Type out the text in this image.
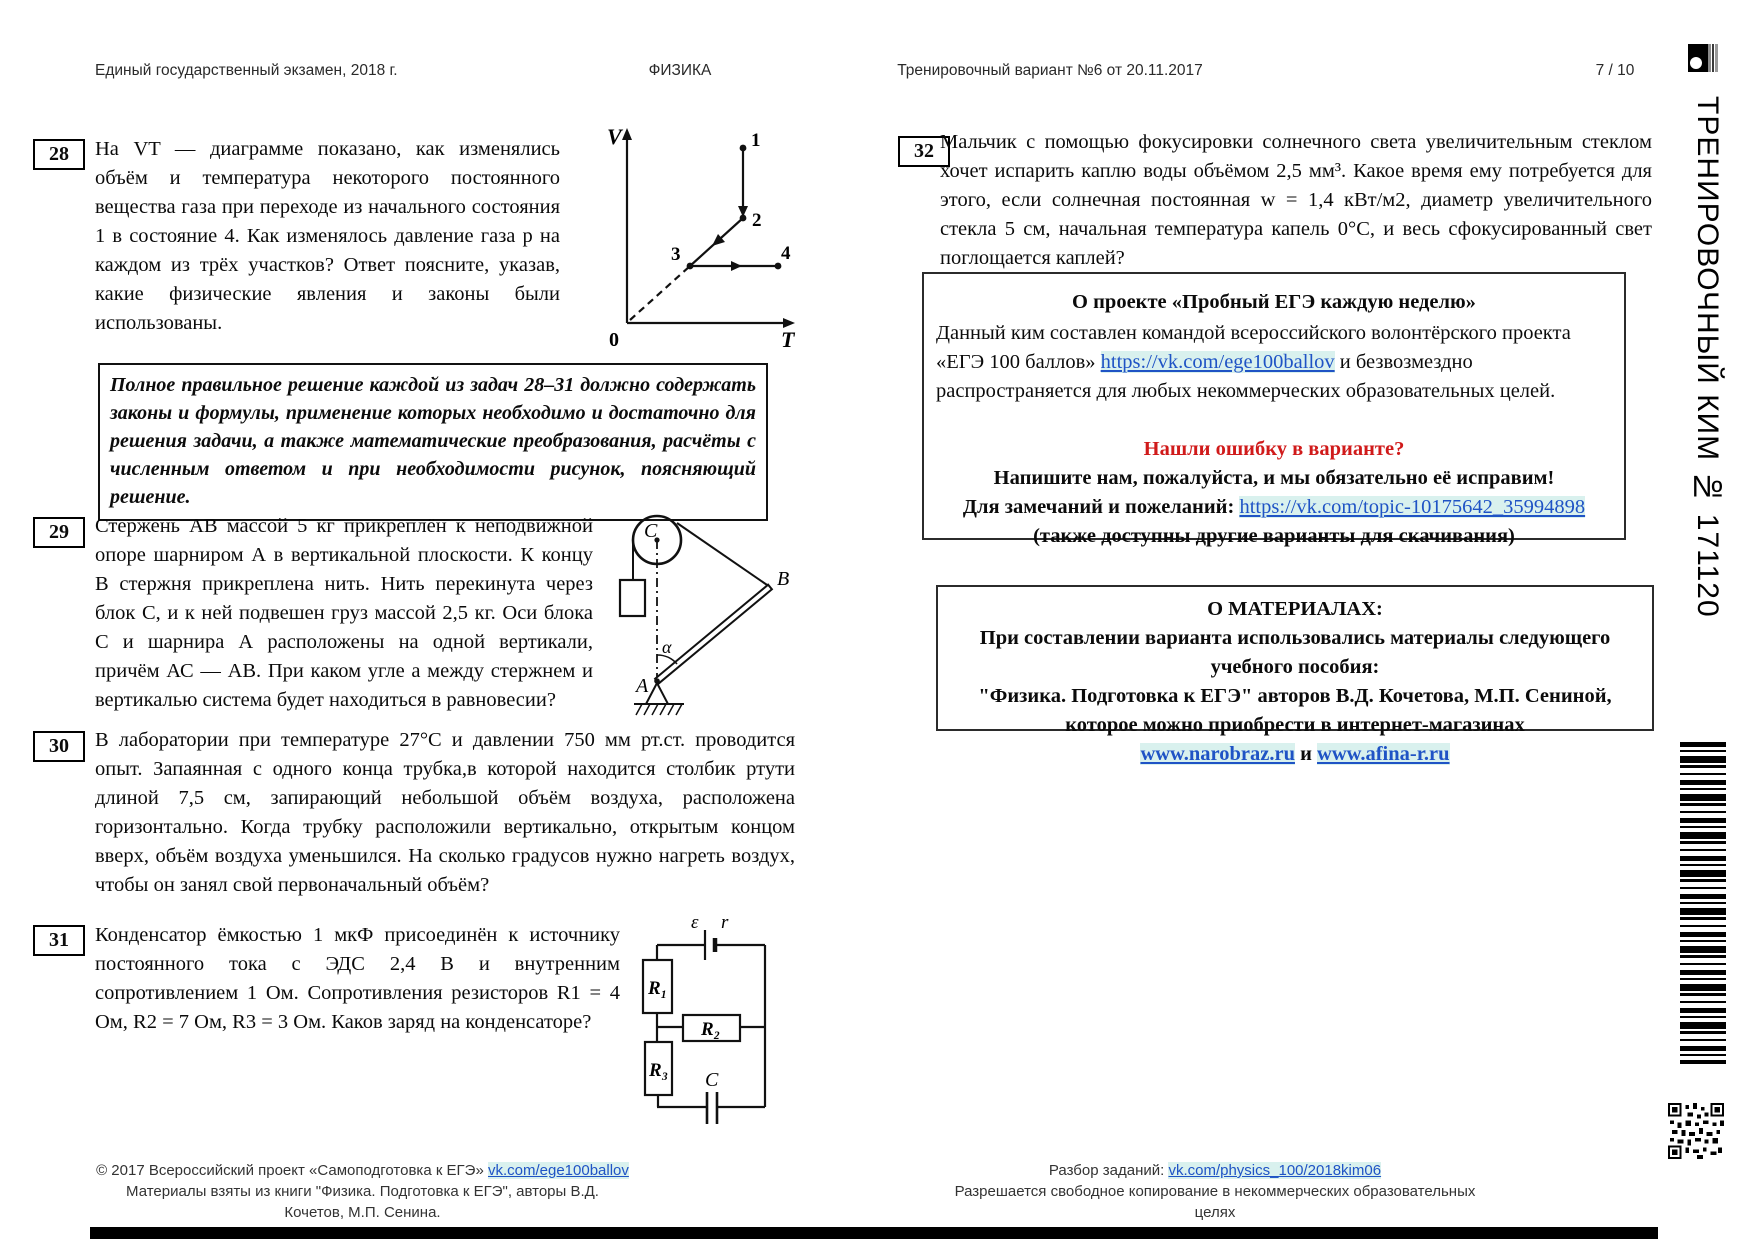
Единый государственный экзамен, 2018 г.	ФИЗИКА	Тренировочный вариант №6 от 20.11.2017	7 / 10
28	На VT — диаграмме показано, как изменялись объём и температура некоторого постоянного вещества газа при переходе из начального состояния 1 в состояние 4. Как изменялось давление газа p на каждом из трёх участков? Ответ поясните, указав, какие физические явления и законы были использованы.
V
T
0
1
2
3	4
Полное правильное решение каждой из задач 28–31 должно содержать законы и формулы, применение которых необходимо и достаточно для решения задачи, а также математические преобразования, расчёты с численным ответом и при необходимости рисунок, поясняющий решение.
29	Стержень АВ массой 5 кг прикреплён к неподвижной опоре шарниром А в вертикальной плоскости. К концу В стержня прикреплена нить. Нить перекинута через блок С, и к ней подвешен груз массой 2,5 кг. Оси блока С и шарнира А расположены на одной вертикали, причём АС — АВ. При каком угле а между стержнем и вертикалью система будет находиться в равновесии?
C
B
A
α
30	В лаборатории при температуре 27°С и давлении 750 мм рт.ст. проводится опыт. Запаянная с одного конца трубка,в которой находится столбик ртути длиной 7,5 см, запирающий небольшой объём воздуха, расположена горизонтально. Когда трубку расположили вертикально, открытым концом вверх, объём воздуха уменьшился. На сколько градусов нужно нагреть воздух, чтобы он занял свой первоначальный объём?
31	Конденсатор ёмкостью 1 мкФ присоединён к источнику постоянного тока с ЭДС 2,4 В и внутренним сопротивлением 1 Ом. Сопротивления резисторов R1 = 4 Ом, R2 = 7 Ом, R3 = 3 Ом. Каков заряд на конденсаторе?
ε r
R₁
R₂
R₃ C
32 Мальчик с помощью фокусировки солнечного света увеличительным стеклом хочет испарить каплю воды объёмом 2,5 мм³. Какое время ему потребуется для этого, если солнечная постоянная w = 1,4 кВт/м2, диаметр увеличительного стекла 5 см, начальная температура капель 0°С, и весь сфокусированный свет поглощается каплей?
О проекте «Пробный ЕГЭ каждую неделю»
Данный ким составлен командой всероссийского волонтёрского проекта «ЕГЭ 100 баллов» https://vk.com/ege100ballov и безвозмездно распространяется для любых некоммерческих образовательных целей.
Нашли ошибку в варианте?
Напишите нам, пожалуйста, и мы обязательно её исправим!
Для замечаний и пожеланий: https://vk.com/topic-10175642_35994898
(также доступны другие варианты для скачивания)
О МАТЕРИАЛАХ:
При составлении варианта использовались материалы следующего учебного пособия:
"Физика. Подготовка к ЕГЭ" авторов В.Д. Кочетова, М.П. Сениной, которое можно приобрести в интернет-магазинах
www.narobraz.ru и www.afina-r.ru
© 2017 Всероссийский проект «Самоподготовка к ЕГЭ» vk.com/ege100ballov
Материалы взяты из книги "Физика. Подготовка к ЕГЭ", авторы В.Д. Кочетов, М.П. Сенина.
Разбор заданий: vk.com/physics_100/2018kim06
Разрешается свободное копирование в некоммерческих образовательных целях
ТРЕНИРОВОЧНЫЙ КИМ № 171120
